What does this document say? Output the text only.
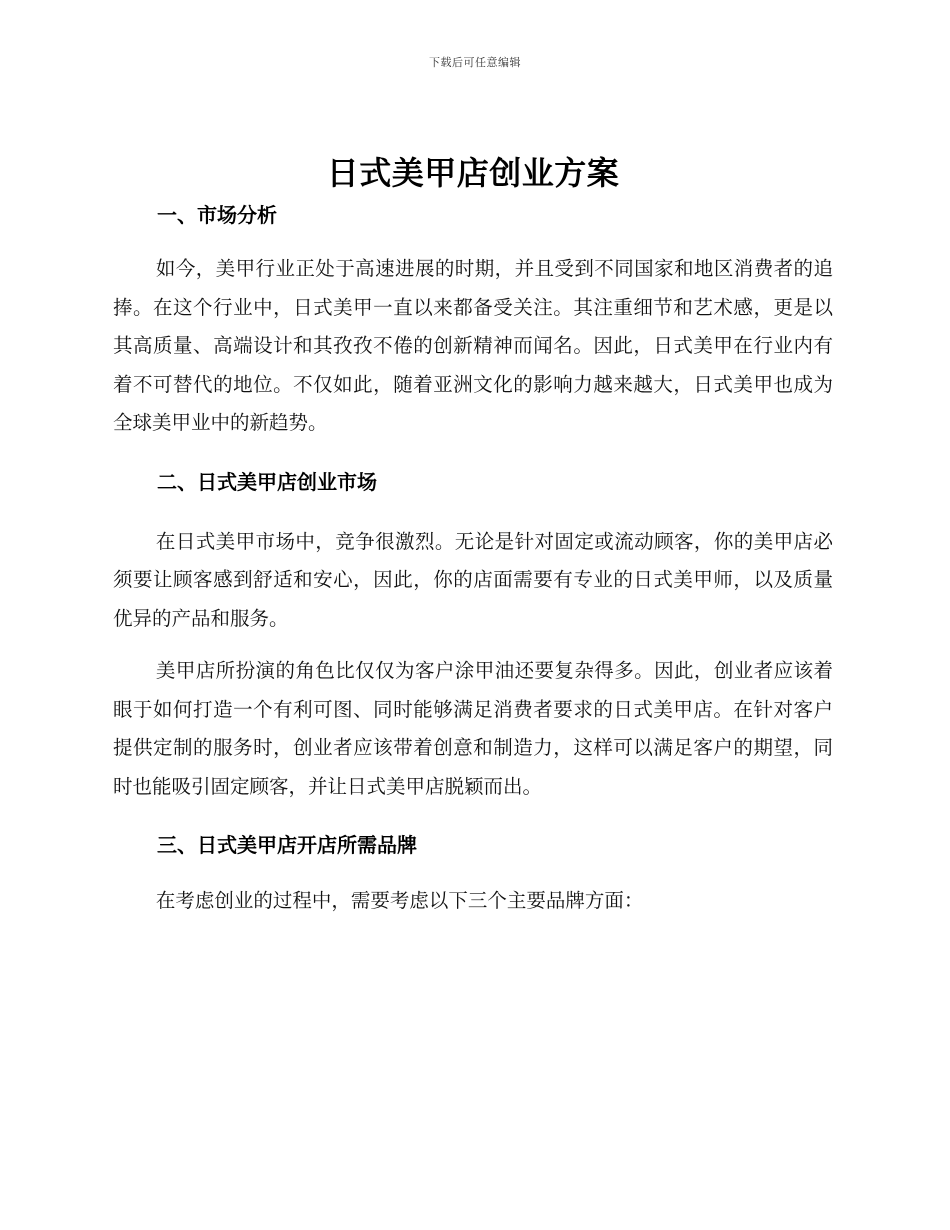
下载后可任意编辑
日式美甲店创业方案
一、市场分析

如今，美甲行业正处于高速进展的时期，并且受到不同国家和地区消费者的追捧。在这个行业中，日式美甲一直以来都备受关注。其注重细节和艺术感，更是以其高质量、高端设计和其孜孜不倦的创新精神而闻名。因此，日式美甲在行业内有着不可替代的地位。不仅如此，随着亚洲文化的影响力越来越大，日式美甲也成为全球美甲业中的新趋势。

二、日式美甲店创业市场

在日式美甲市场中，竞争很激烈。无论是针对固定或流动顾客，你的美甲店必须要让顾客感到舒适和安心，因此，你的店面需要有专业的日式美甲师，以及质量优异的产品和服务。

美甲店所扮演的角色比仅仅为客户涂甲油还要复杂得多。因此，创业者应该着眼于如何打造一个有利可图、同时能够满足消费者要求的日式美甲店。在针对客户提供定制的服务时，创业者应该带着创意和制造力，这样可以满足客户的期望，同时也能吸引固定顾客，并让日式美甲店脱颖而出。

三、日式美甲店开店所需品牌

在考虑创业的过程中，需要考虑以下三个主要品牌方面：
